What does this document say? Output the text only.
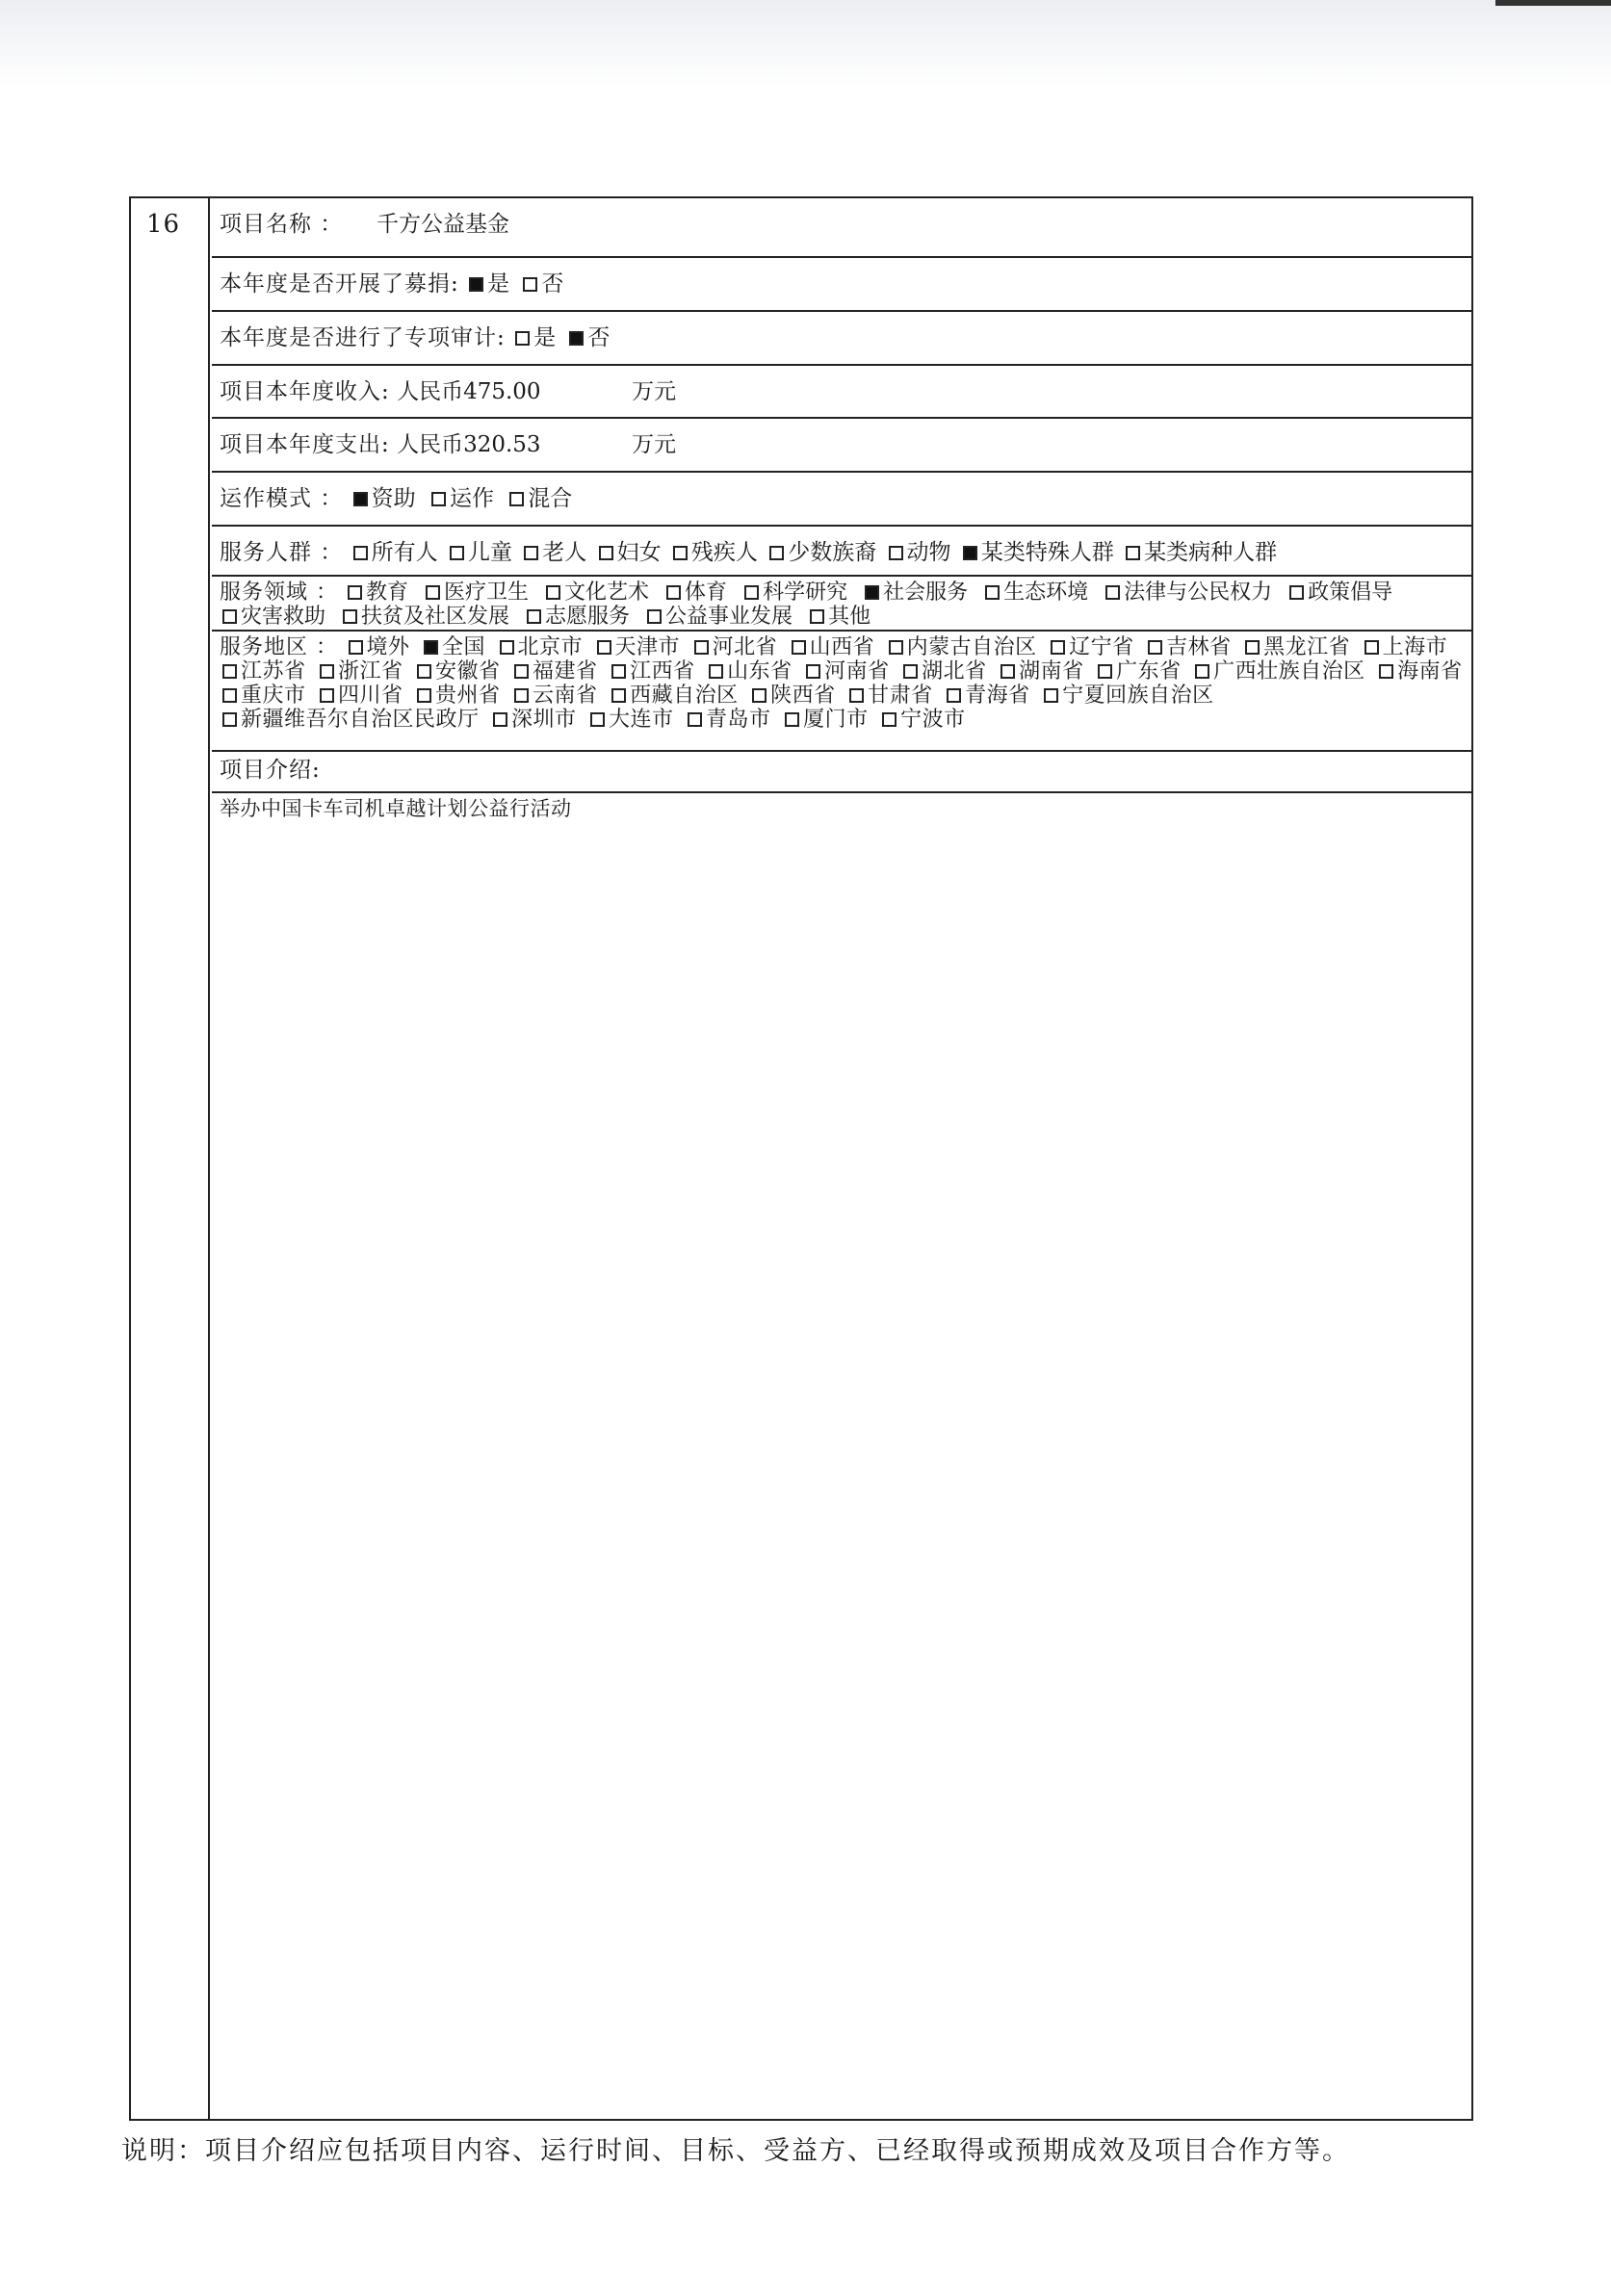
16	项目名称 ： 千方公益基金
本年度是否开展了募捐: 是 否
本年度是否进行了专项审计: 是 否
项目本年度收入: 人民币475.00	万元
项目本年度支出: 人民币320.53	万元
运作模式 ： 资助 运作 混合
服务人群 ： 所有人 儿童 老人 妇女 残疾人 少数族裔 动物 某类特殊人群 某类病种人群
服务领域 ： 教育 医疗卫生 文化艺术 体育 科学研究 社会服务 生态环境 法律与公民权力 政策倡导 灾害救助 扶贫及社区发展 志愿服务 公益事业发展 其他
服务地区 ： 境外 全国 北京市 天津市 河北省 山西省 内蒙古自治区 辽宁省 吉林省 黑龙江省 上海市 江苏省 浙江省 安徽省 福建省 江西省 山东省 河南省 湖北省 湖南省 广东省 广西壮族自治区 海南省 重庆市 四川省 贵州省 云南省 西藏自治区 陕西省 甘肃省 青海省 宁夏回族自治区 新疆维吾尔自治区民政厅 深圳市 大连市 青岛市 厦门市 宁波市
项目介绍:
举办中国卡车司机卓越计划公益行活动
说明：项目介绍应包括项目内容、运行时间、目标、受益方、已经取得或预期成效及项目合作方等。
